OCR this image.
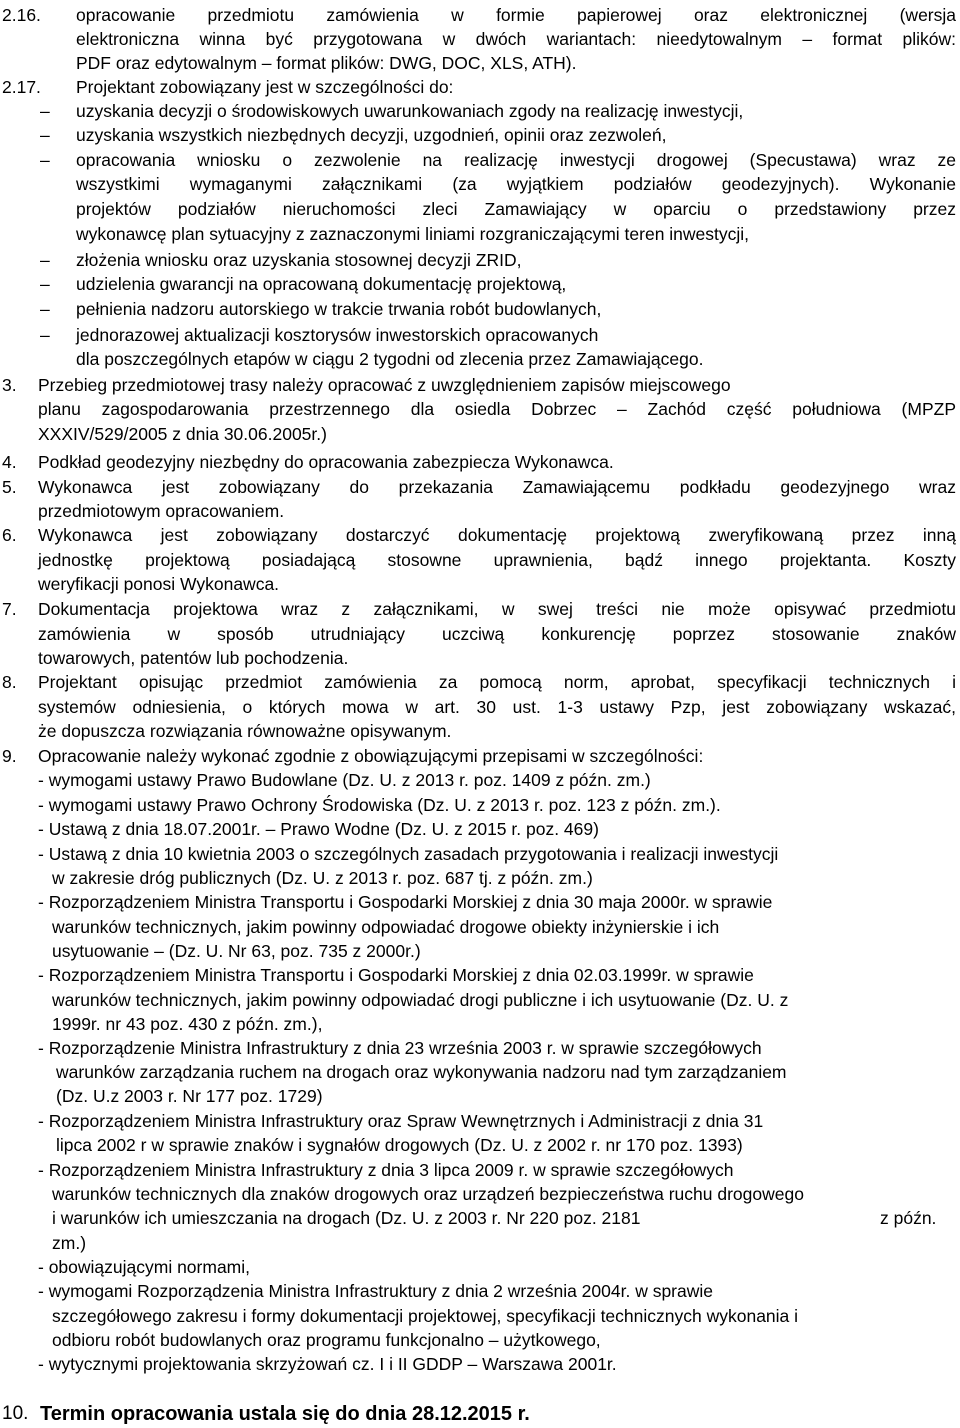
2.16. opracowanie przedmiotu zamówienia w formie papierowej oraz elektronicznej (wersja
elektroniczna winna być przygotowana w dwóch wariantach: nieedytowalnym – format plików:
PDF oraz edytowalnym – format plików: DWG, DOC, XLS, ATH).
2.17. Projektant zobowiązany jest w szczególności do:
– uzyskania decyzji o środowiskowych uwarunkowaniach zgody na realizację inwestycji,
– uzyskania wszystkich niezbędnych decyzji, uzgodnień, opinii oraz zezwoleń,
– opracowania wniosku o zezwolenie na realizację inwestycji drogowej (Specustawa) wraz ze
wszystkimi wymaganymi załącznikami (za wyjątkiem podziałów geodezyjnych). Wykonanie
projektów podziałów nieruchomości zleci Zamawiający w oparciu o przedstawiony przez
wykonawcę plan sytuacyjny z zaznaczonymi liniami rozgraniczającymi teren inwestycji,
– złożenia wniosku oraz uzyskania stosownej decyzji ZRID,
– udzielenia gwarancji na opracowaną dokumentację projektową,
– pełnienia nadzoru autorskiego w trakcie trwania robót budowlanych,
– jednorazowej aktualizacji kosztorysów inwestorskich opracowanych
dla poszczególnych etapów w ciągu 2 tygodni od zlecenia przez Zamawiającego.
3. Przebieg przedmiotowej trasy należy opracować z uwzględnieniem zapisów miejscowego
planu zagospodarowania przestrzennego dla osiedla Dobrzec – Zachód część południowa (MPZP
XXXIV/529/2005 z dnia 30.06.2005r.)
4. Podkład geodezyjny niezbędny do opracowania zabezpiecza Wykonawca.
5. Wykonawca jest zobowiązany do przekazania Zamawiającemu podkładu geodezyjnego wraz
przedmiotowym opracowaniem.
6. Wykonawca jest zobowiązany dostarczyć dokumentację projektową zweryfikowaną przez inną
jednostkę projektową posiadającą stosowne uprawnienia, bądź innego projektanta. Koszty
weryfikacji ponosi Wykonawca.
7. Dokumentacja projektowa wraz z załącznikami, w swej treści nie może opisywać przedmiotu
zamówienia w sposób utrudniający uczciwą konkurencję poprzez stosowanie znaków
towarowych, patentów lub pochodzenia.
8. Projektant opisując przedmiot zamówienia za pomocą norm, aprobat, specyfikacji technicznych i
systemów odniesienia, o których mowa w art. 30 ust. 1-3 ustawy Pzp, jest zobowiązany wskazać,
że dopuszcza rozwiązania równoważne opisywanym.
9. Opracowanie należy wykonać zgodnie z obowiązującymi przepisami w szczególności:
- wymogami ustawy Prawo Budowlane (Dz. U. z 2013 r. poz. 1409 z późn. zm.)
- wymogami ustawy Prawo Ochrony Środowiska (Dz. U. z 2013 r. poz. 123 z późn. zm.).
- Ustawą z dnia 18.07.2001r. – Prawo Wodne (Dz. U. z 2015 r. poz. 469)
- Ustawą z dnia 10 kwietnia 2003 o szczególnych zasadach przygotowania i realizacji inwestycji
w zakresie dróg publicznych (Dz. U. z 2013 r. poz. 687 tj. z późn. zm.)
- Rozporządzeniem Ministra Transportu i Gospodarki Morskiej z dnia 30 maja 2000r. w sprawie
warunków technicznych, jakim powinny odpowiadać drogowe obiekty inżynierskie i ich
usytuowanie – (Dz. U. Nr 63, poz. 735 z 2000r.)
- Rozporządzeniem Ministra Transportu i Gospodarki Morskiej z dnia 02.03.1999r. w sprawie
warunków technicznych, jakim powinny odpowiadać drogi publiczne i ich usytuowanie (Dz. U. z
1999r. nr 43 poz. 430 z późn. zm.),
- Rozporządzenie Ministra Infrastruktury z dnia 23 września 2003 r. w sprawie szczegółowych
warunków zarządzania ruchem na drogach oraz wykonywania nadzoru nad tym zarządzaniem
(Dz. U.z 2003 r. Nr 177 poz. 1729)
- Rozporządzeniem Ministra Infrastruktury oraz Spraw Wewnętrznych i Administracji z dnia 31
lipca 2002 r w sprawie znaków i sygnałów drogowych (Dz. U. z 2002 r. nr 170 poz. 1393)
- Rozporządzeniem Ministra Infrastruktury z dnia 3 lipca 2009 r. w sprawie szczegółowych
warunków technicznych dla znaków drogowych oraz urządzeń bezpieczeństwa ruchu drogowego
i warunków ich umieszczania na drogach (Dz. U. z 2003 r. Nr 220 poz. 2181	z późn.
zm.)
- obowiązującymi normami,
- wymogami Rozporządzenia Ministra Infrastruktury z dnia 2 września 2004r. w sprawie
szczegółowego zakresu i formy dokumentacji projektowej, specyfikacji technicznych wykonania i
odbioru robót budowlanych oraz programu funkcjonalno – użytkowego,
- wytycznymi projektowania skrzyżowań cz. I i II GDDP – Warszawa 2001r.
10. Termin opracowania ustala się do dnia 28.12.2015 r.
